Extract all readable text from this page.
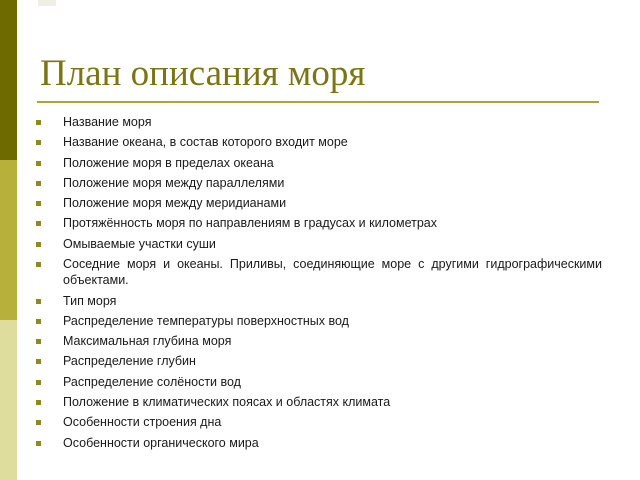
План описания моря
Название моря
Название океана, в состав которого входит море
Положение моря в пределах океана
Положение моря между параллелями
Положение моря между меридианами
Протяжённость моря по направлениям в градусах и километрах
Омываемые участки суши
Соседние моря и океаны. Приливы, соединяющие море с другими гидрографическими объектами.
Тип моря
Распределение температуры поверхностных вод
Максимальная глубина моря
Распределение глубин
Распределение солёности вод
Положение в климатических поясах и областях климата
Особенности строения дна
Особенности органического мира
